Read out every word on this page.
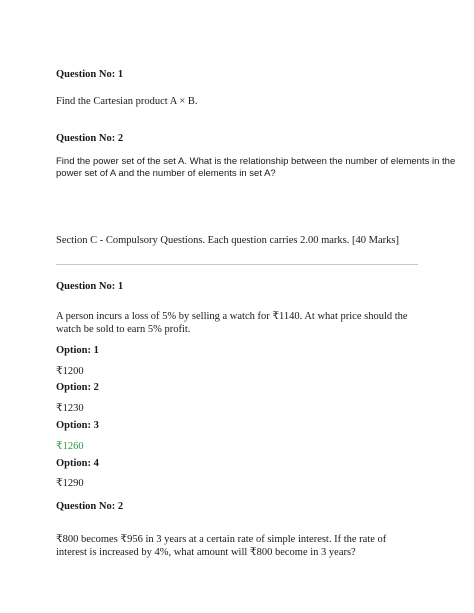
Question No: 1
Find the Cartesian product A × B.
Question No: 2
Find the power set of the set A. What is the relationship between the number of elements in the
power set of A and the number of elements in set A?
Section C - Compulsory Questions. Each question carries 2.00 marks. [40 Marks]
Question No: 1
A person incurs a loss of 5% by selling a watch for ₹1140. At what price should the watch be sold to earn 5% profit.
Option: 1
₹1200
Option: 2
₹1230
Option: 3
₹1260
Option: 4
₹1290
Question No: 2
₹800 becomes ₹956 in 3 years at a certain rate of simple interest. If the rate of interest is increased by 4%, what amount will ₹800 become in 3 years?
